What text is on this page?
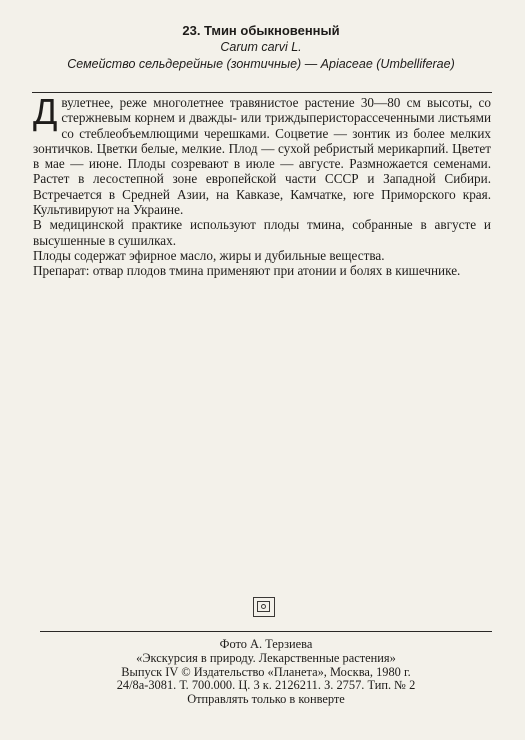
23. Тмин обыкновенный
Carum carvi L.
Семейство сельдерейные (зонтичные) — Apiaceae (Umbelliferae)

Двулетнее, реже многолетнее травянистое растение 30—80 см высоты, со стержневым корнем и дважды- или триждыперисторассеченными листьями со стеблеобъемлющими черешками. Соцветие — зонтик из более мелких зонтичков. Цветки белые, мелкие. Плод — сухой ребристый мерикарпий. Цветет в мае — июне. Плоды созревают в июле — августе. Размножается семенами. Растет в лесостепной зоне европейской части СССР и Западной Сибири. Встречается в Средней Азии, на Кавказе, Камчатке, юге Приморского края. Культивируют на Украине.

В медицинской практике используют плоды тмина, собранные в августе и высушенные в сушилках.

Плоды содержат эфирное масло, жиры и дубильные вещества.

Препарат: отвар плодов тмина применяют при атонии и болях в кишечнике.

Фото А. Терзиева
«Экскурсия в природу. Лекарственные растения»
Выпуск IV © Издательство «Планета», Москва, 1980 г.
24/8а-3081. Т. 700.000. Ц. 3 к. 2126211. З. 2757. Тип. № 2
Отправлять только в конверте
